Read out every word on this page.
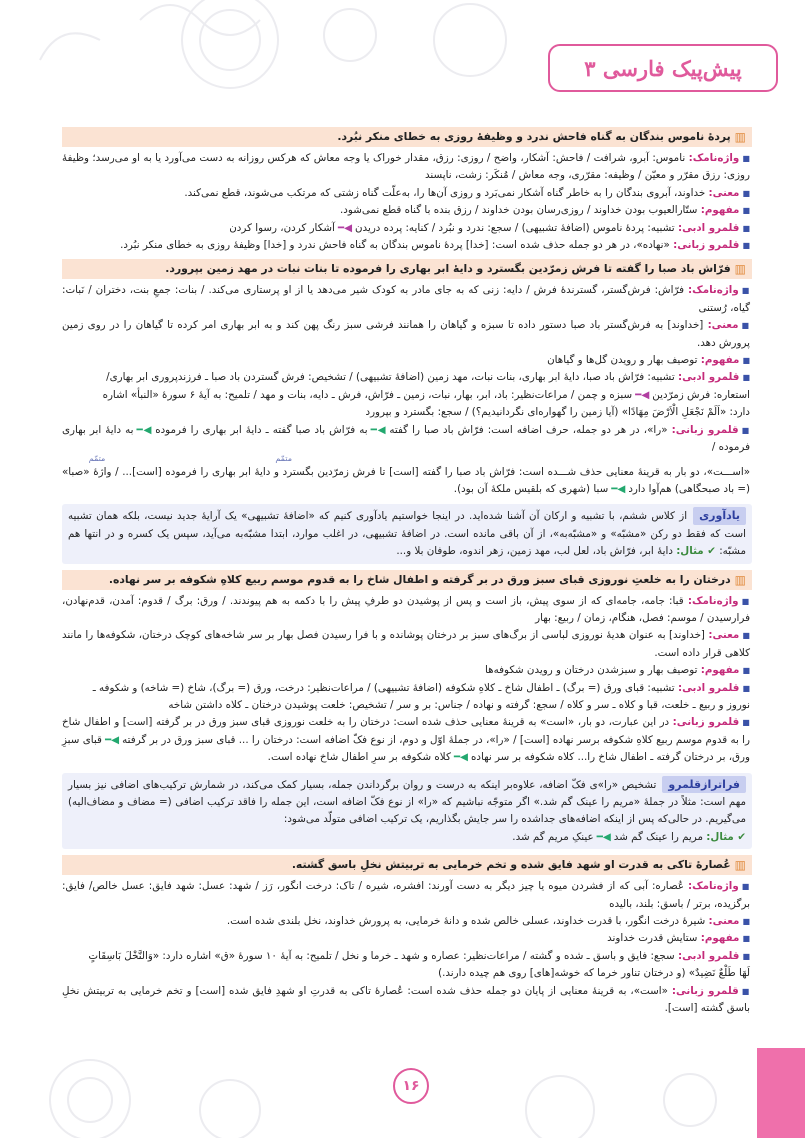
پیش‌پیک فارسی ۳
▥
پردهٔ ناموس بندگان به گناه فاحش ندرد و وظیفهٔ روزی به خطای منکر نبُرد.

■واژه‌نامک: ناموس: آبرو، شرافت / فاحش: آشکار، واضح / روزی: رزق، مقدار خوراک یا وجه معاش که هرکس روزانه به دست می‌آورد یا به او می‌رسد؛ وظیفهٔ روزی: رزق مقرّر و معیّن / وظیفه: مقرّری، وجه معاش / مُنکَر: زشت، ناپسند

■معنی: خداوند، آبروی بندگان را به خاطر گناه آشکار نمی‌بَرد و روزی آن‌ها را، به‌علّت گناه زشتی که مرتکب می‌شوند، قطع نمی‌کند.

■مفهوم: ستّارالعیوب بودن خداوند / روزی‌رسان بودن خداوند / رزق بنده با گناه قطع نمی‌شود.

■قلمرو ادبی: تشبیه: پردهٔ ناموس (اضافهٔ تشبیهی) / سجع: ندرد و نبُرد / کنایه: پرده دریدن◀━آشکار کردن، رسوا کردن

■قلمرو زبانی: «نهاده»، در هر دو جمله حذف شده است: [خدا] پردهٔ ناموس بندگان به گناه فاحش ندرد و [خدا] وظیفهٔ روزی به خطای منکر نبُرد.

▥
فرّاش باد صبا را گفته تا فرش زمرّدین بگسترد و دایهٔ ابر بهاری را فرموده تا بنات نبات در مهد زمین بپرورد.

■واژه‌نامک: فرّاش: فرش‌گستر، گسترندهٔ فرش / دایه: زنی که به جای مادر به کودک شیر می‌دهد یا از او پرستاری می‌کند. / بنات: جمعِ بنت، دختران / نَبات: گیاه، رُستنی

■معنی: [خداوند] به فرش‌گستر باد صبا دستور داده تا سبزه و گیاهان را همانند فرشی سبز رنگ پهن کند و به ابر بهاری امر کرده تا گیاهان را در روی زمین پرورش دهد.

■مفهوم: توصیف بهار و رویدن گل‌ها و گیاهان

■قلمرو ادبی: تشبیه: فرّاش باد صبا، دایهٔ ابر بهاری، بنات نبات، مهد زمین (اضافهٔ تشبیهی) / تشخیص: فرش گستردن باد صبا ـ فرزندپروری ابر بهاری/

استعاره: فرش زمرّدین◀━سبزه و چمن / مراعات‌نظیر: باد، ابر، بهار، نبات، زمین ـ فرّاش، فرش ـ دایه، بنات و مهد / تلمیح: به آیهٔ ۶ سورهٔ «النبأ» اشاره

دارد: «اَلَمْ نَجْعَلِ الْاَرْضَ مِهَادًا» (آیا زمین را گهواره‌ای نگردانیدیم؟) / سجع: بگسترد و بپرورد

■قلمرو زبانی: «را»، در هر دو جمله، حرف اضافه است: فرّاش باد صبا را گفته◀━به فرّاش باد صبا گفته ـ دایهٔ ابر بهاری را فرموده◀━به دایهٔ ابر بهاری فرموده /

متمّم
متمّم

«اســـت»، دو بار به قرینهٔ معنایی حذف شـــده است: فرّاش باد صبا را گفته [است] تا فرش زمرّدین بگسترد و دایهٔ ابر بهاری را فرموده [است]... / واژهٔ «صبا» (= باد صبحگاهی) هم‌آوا دارد◀━سبا (شهری که بلقیس ملکهٔ آن بود).

یادآوریاز کلاس ششم، با تشبیه و ارکان آن آشنا شده‌اید. در اینجا خواستیم یادآوری کنیم که «اضافهٔ تشبیهی» یک آرایهٔ جدید نیست، بلکه همان تشبیه است که فقط دو رکن «مشبّه» و «مشبّه‌به»، از آن باقی مانده است. در اضافهٔ تشبیهی، در اغلب موارد، ابتدا مشبّه‌به می‌آید، سپس یک کسره و در انتها هم مشبّه: ✔ مثال: دایهٔ ابر، فرّاش باد، لعل لب، مهد زمین، زهر اندوه، طوفان بلا و...
▥
درختان را به خلعتِ نوروزی قبای سبز ورق در بر گرفته و اطفال شاخ را به قدوم موسم ربیع کلاهِ شکوفه بر سر نهاده.

■واژه‌نامک: قبا: جامه، جامه‌ای که از سوی پیش، باز است و پس از پوشیدن دو طرفِ پیش را با دکمه به هم پیوندند. / ورق: برگ / قدوم: آمدن، قدم‌نهادن، فرارسیدن / موسم: فصل، هنگام، زمان / ربیع: بهار

■معنی: [خداوند] به عنوان هدیهٔ نوروزی لباسی از برگ‌های سبز بر درختان پوشانده و با فرا رسیدن فصل بهار بر سر شاخه‌های کوچک درختان، شکوفه‌ها را مانند کلاهی قرار داده است.

■مفهوم: توصیف بهار و سبزشدن درختان و رویدن شکوفه‌ها

■قلمرو ادبی: تشبیه: قبای ورق (= برگ) ـ اطفال شاخ ـ کلاهِ شکوفه (اضافهٔ تشبیهی) / مراعات‌نظیر: درخت، ورق (= برگ)، شاخ (= شاخه) و شکوفه ـ

نوروز و ربیع ـ خلعت، قبا و کلاه ـ سر و کلاه / سجع: گرفته و نهاده / جناس: بر و سر / تشخیص: خلعت پوشیدن درختان ـ کلاه داشتن شاخه

■قلمرو زبانی: در این عبارت، دو بار، «است» به قرینهٔ معنایی حذف شده است: درختان را به خلعت نوروزی قبای سبز ورق در بر گرفته [است] و اطفال شاخ را به قدوم موسم ربیع کلاهِ شکوفه برسر نهاده [است] / «را»، در جملهٔ اوّل و دوم، از نوع فکّ اضافه است: درختان را ... قبای سبز ورق در بر گرفته◀━قبای سبزِ ورق، بر درختان گرفته ـ اطفال شاخ را... کلاه شکوفه بر سر نهاده◀━کلاه شکوفه بر سرِ اطفال شاخ نهاده است.

فراترازقلمروتشخیص «را»ی فکّ اضافه، علاوه‌بر اینکه به درست و روان برگرداندن جمله، بسیار کمک می‌کند، در شمارش ترکیب‌های اضافی نیز بسیار مهم است: مثلاً در جملهٔ «مریم را عینک گم شد.» اگر متوجّه نباشیم که «را» از نوع فکّ اضافه است، این جمله را فاقد ترکیب اضافی (= مضاف و مضاف‌الیه) می‌گیریم. در حالی‌که پس از اینکه اضافه‌های جداشده را سر جایش بگذاریم، یک ترکیب اضافی متولّد می‌شود:
✔ مثال: مریم را عینک گم شد◀━عینکِ مریم گم شد.
▥
عُصارهٔ تاکی به قدرت او شهد فایق شده و تخم خرمایی به تربیتش نخلِ باسق گشته.

■واژه‌نامک: عُصاره: آبی که از فشردن میوه یا چیز دیگر به دست آورند: افشره، شیره / تاک: درخت انگور، رَز / شهد: عسل: شهد فایق: عسل خالص/ فایق: برگزیده، برتر / باسق: بلند، بالیده

■معنی: شیرهٔ درخت انگور، با قدرت خداوند، عسلی خالص شده و دانهٔ خرمایی، به پرورش خداوند، نخل بلندی شده است.

■مفهوم: ستایش قدرت خداوند

■قلمرو ادبی: سجع: فایق و باسق ـ شده و گشته / مراعات‌نظیر: عصاره و شهد ـ خرما و نخل / تلمیح: به آیهٔ ۱۰ سورهٔ «ق» اشاره دارد: «وَالنَّخْلَ بَاسِقَاتٍ

لَهَا طَلْعٌ نَضِیدٌ» (و درختان تناور خرما که خوشه[های] روی هم چیده دارند.)

■قلمرو زبانی: «است»، به قرینهٔ معنایی از پایان دو جمله حذف شده است: عُصارهٔ تاکی به قدرتِ او شهدِ فایق شده [است] و تخم خرمایی به تربیتش نخلِ باسق گشته [است].

۱۶
